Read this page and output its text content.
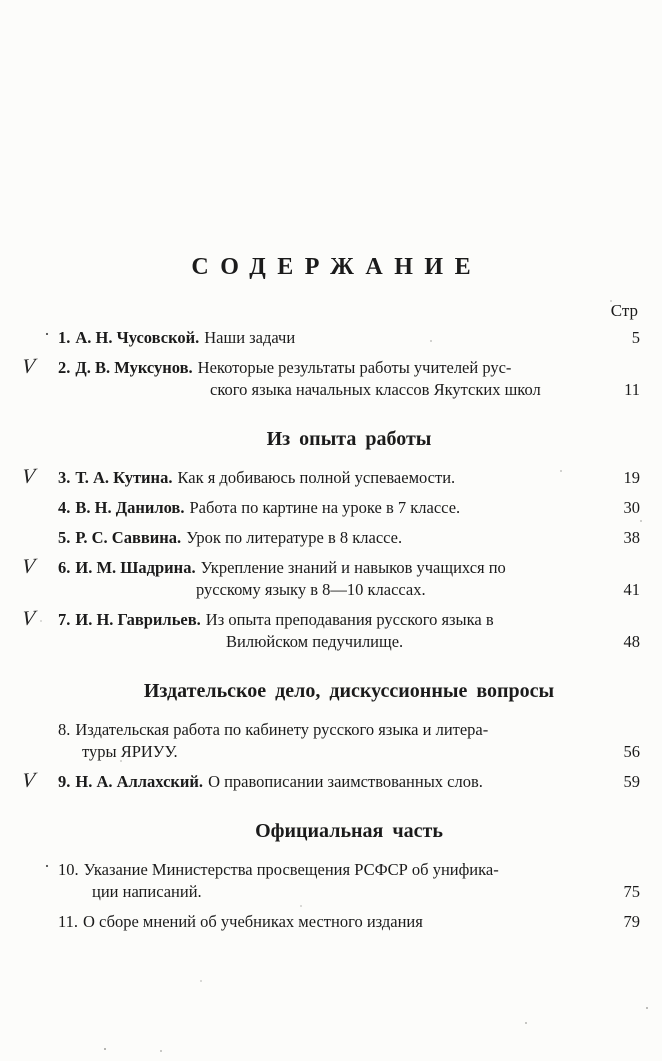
СОДЕРЖАНИЕ
Стр
· 1. А. Н. Чусовской. Наши задачи	5
V 2. Д. В. Муксунов. Некоторые результаты работы учителей рус-
ского языка начальных классов Якутских школ	11
Из опыта работы
V 3. Т. А. Кутина. Как я добиваюсь полной успеваемости.	19
4. В. Н. Данилов. Работа по картине на уроке в 7 классе.	30
5. Р. С. Саввина. Урок по литературе в 8 классе.	38
V 6. И. М. Шадрина. Укрепление знаний и навыков учащихся по
русскому языку в 8—10 классах.	41
V 7. И. Н. Гаврильев. Из опыта преподавания русского языка в
Вилюйском педучилище.	48
Издательское дело, дискуссионные вопросы
8. Издательская работа по кабинету русского языка и литера-
туры ЯРИУУ.	56
V 9. Н. А. Аллахский. О правописании заимствованных слов.	59
Официальная часть
· 10. Указание Министерства просвещения РСФСР об унифика-
ции написаний.	75
11. О сборе мнений об учебниках местного издания	79
